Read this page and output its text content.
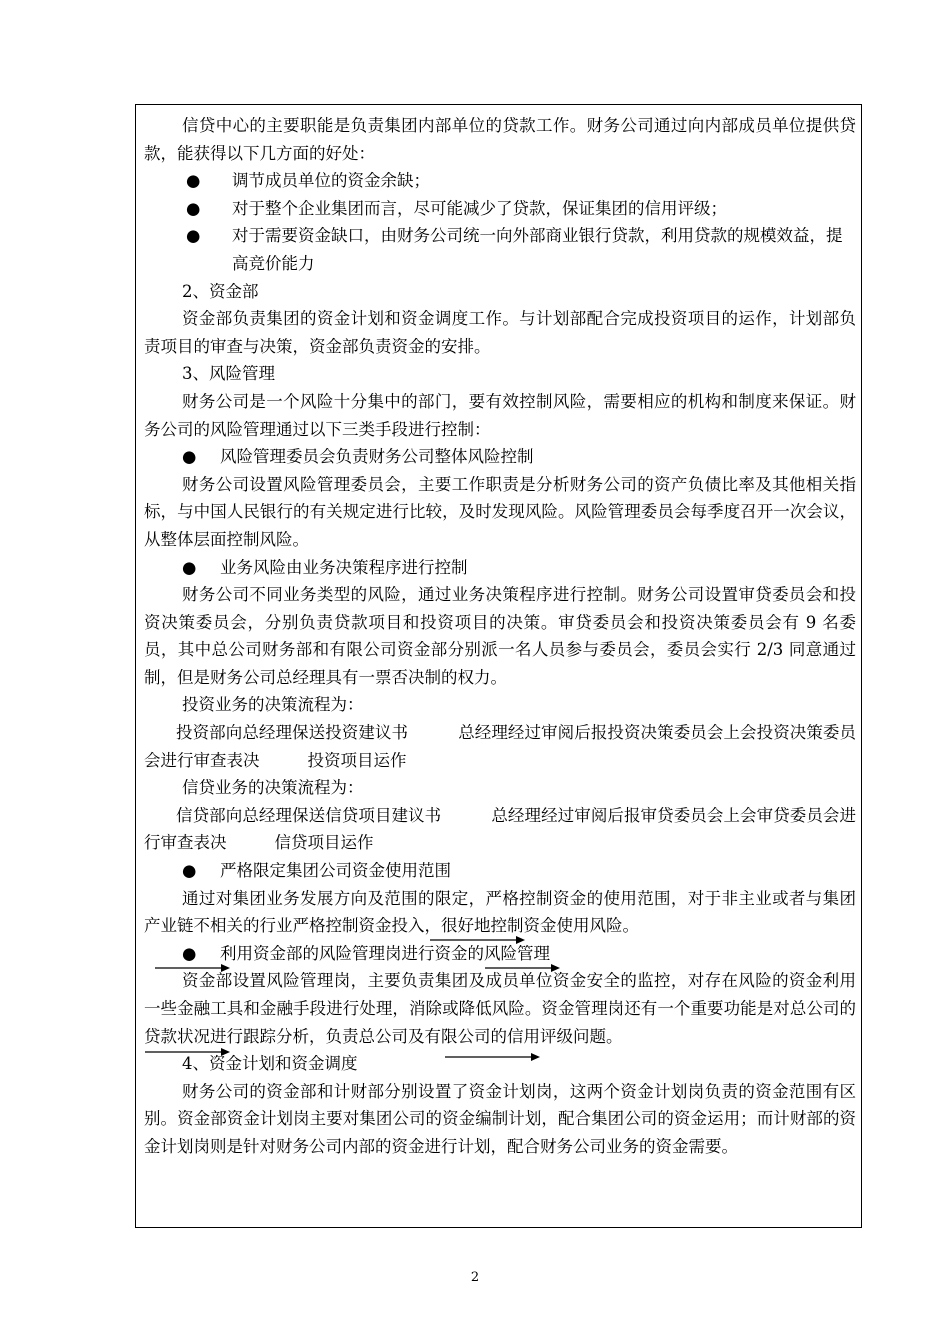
信贷中心的主要职能是负责集团内部单位的贷款工作。财务公司通过向内部成员单位提供贷款，能获得以下几方面的好处：

●	调节成员单位的资金余缺；
●	对于整个企业集团而言，尽可能减少了贷款，保证集团的信用评级；
●	对于需要资金缺口，由财务公司统一向外部商业银行贷款，利用贷款的规模效益，提高竞价能力

2、资金部

资金部负责集团的资金计划和资金调度工作。与计划部配合完成投资项目的运作，计划部负责项目的审查与决策，资金部负责资金的安排。

3、风险管理

财务公司是一个风险十分集中的部门，要有效控制风险，需要相应的机构和制度来保证。财务公司的风险管理通过以下三类手段进行控制：

●	风险管理委员会负责财务公司整体风险控制

财务公司设置风险管理委员会，主要工作职责是分析财务公司的资产负债比率及其他相关指标，与中国人民银行的有关规定进行比较，及时发现风险。风险管理委员会每季度召开一次会议，从整体层面控制风险。

●	业务风险由业务决策程序进行控制

财务公司不同业务类型的风险，通过业务决策程序进行控制。财务公司设置审贷委员会和投资决策委员会，分别负责贷款项目和投资项目的决策。审贷委员会和投资决策委员会有 9 名委员，其中总公司财务部和有限公司资金部分别派一名人员参与委员会，委员会实行 2/3 同意通过制，但是财务公司总经理具有一票否决制的权力。

投资业务的决策流程为：

投资部向总经理保送投资建议书	总经理经过审阅后报投资决策委员会上会投资决策委员会进行审查表决	投资项目运作

信贷业务的决策流程为：

信贷部向总经理保送信贷项目建议书	总经理经过审阅后报审贷委员会上会审贷委员会进行审查表决	信贷项目运作

●	严格限定集团公司资金使用范围

通过对集团业务发展方向及范围的限定，严格控制资金的使用范围，对于非主业或者与集团产业链不相关的行业严格控制资金投入，很好地控制资金使用风险。

●	利用资金部的风险管理岗进行资金的风险管理

资金部设置风险管理岗，主要负责集团及成员单位资金安全的监控，对存在风险的资金利用一些金融工具和金融手段进行处理，消除或降低风险。资金管理岗还有一个重要功能是对总公司的贷款状况进行跟踪分析，负责总公司及有限公司的信用评级问题。

4、资金计划和资金调度

财务公司的资金部和计财部分别设置了资金计划岗，这两个资金计划岗负责的资金范围有区别。资金部资金计划岗主要对集团公司的资金编制计划，配合集团公司的资金运用；而计财部的资金计划岗则是针对财务公司内部的资金进行计划，配合财务公司业务的资金需要。

2
